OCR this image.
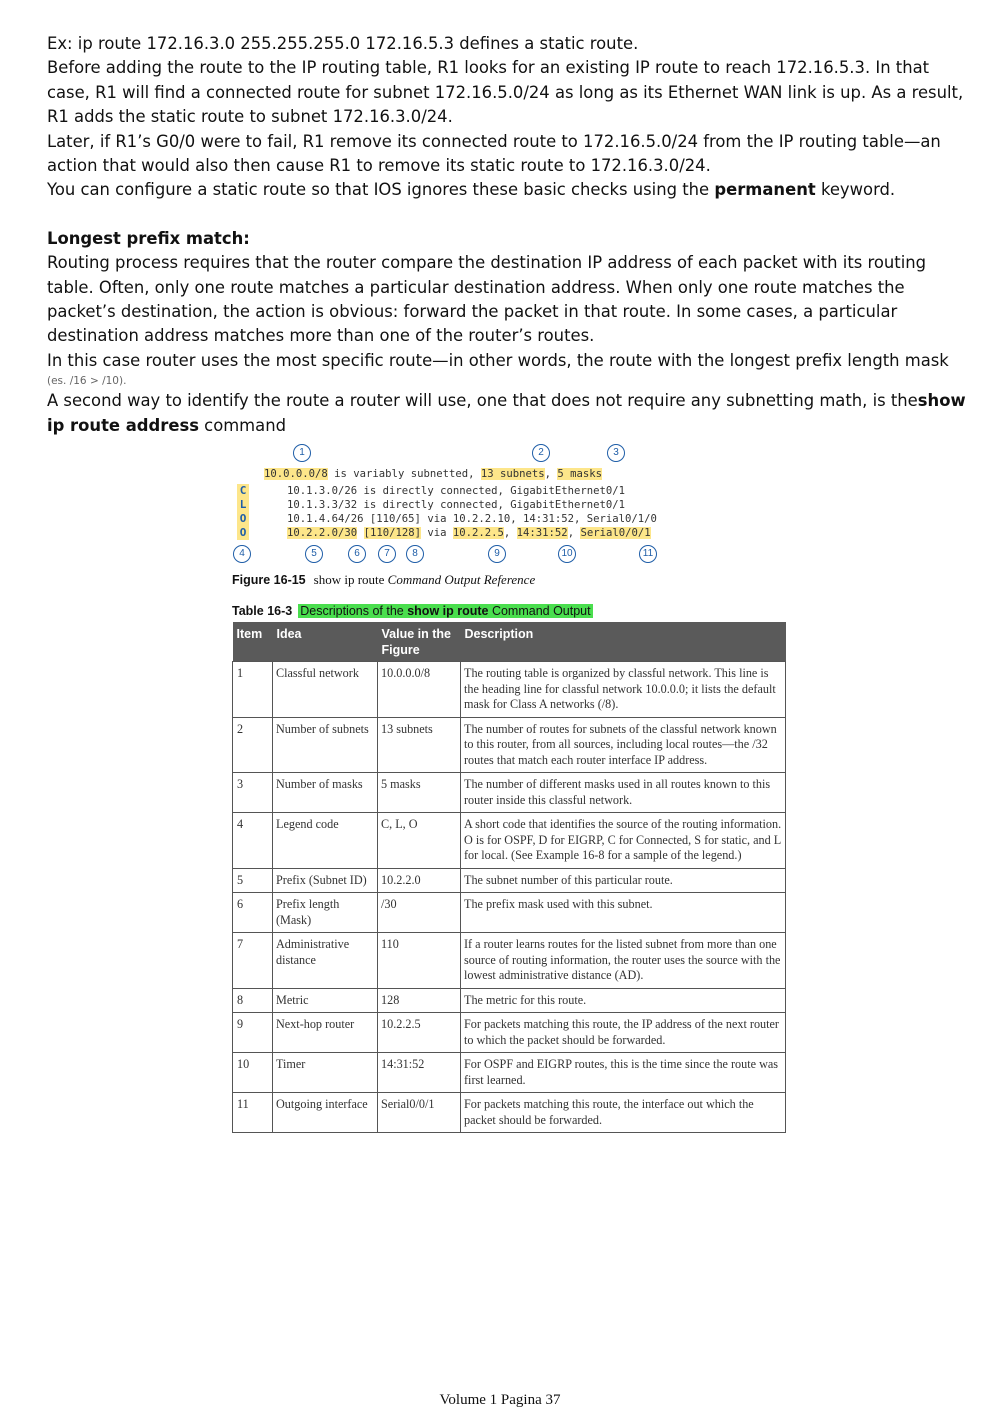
Ex: ip route 172.16.3.0 255.255.255.0 172.16.5.3 defines a static route.

Before adding the route to the IP routing table, R1 looks for an existing IP route to reach 172.16.5.3. In that case, R1 will find a connected route for subnet 172.16.5.0/24 as long as its Ethernet WAN link is up. As a result, R1 adds the static route to subnet 172.16.3.0/24.

Later, if R1’s G0/0 were to fail, R1 remove its connected route to 172.16.5.0/24 from the IP routing table—an action that would also then cause R1 to remove its static route to 172.16.3.0/24.

You can configure a static route so that IOS ignores these basic checks using the permanent keyword.

Longest prefix match:

Routing process requires that the router compare the destination IP address of each packet with its routing table. Often, only one route matches a particular destination address. When only one route matches the packet’s destination, the action is obvious: forward the packet in that route. In some cases, a particular destination address matches more than one of the router’s routes.

In this case router uses the most specific route—in other words, the route with the longest prefix length mask

(es. /16 > /10).

A second way to identify the route a router will use, one that does not require any subnetting math, is theshow ip route address command

1	2	3
10.0.0.0/8 is variably subnetted, 13 subnets, 5 masks
C
L
O
O
10.1.3.0/26 is directly connected, GigabitEthernet0/1
10.1.3.3/32 is directly connected, GigabitEthernet0/1
10.1.4.64/26 [110/65] via 10.2.2.10, 14:31:52, Serial0/1/0
10.2.2.0/30 [110/128] via 10.2.2.5, 14:31:52, Serial0/0/1
4	5	6	7	8	9	10	11
Figure 16-15 show ip route Command Output Reference
Table 16-3 Descriptions of the show ip route Command Output
Item	Idea	Value in the Figure	Description
1	Classful network	10.0.0.0/8	The routing table is organized by classful network. This line is the heading line for classful network 10.0.0.0; it lists the default mask for Class A networks (/8).
2	Number of subnets	13 subnets	The number of routes for subnets of the classful network known to this router, from all sources, including local routes—the /32 routes that match each router interface IP address.
3	Number of masks	5 masks	The number of different masks used in all routes known to this router inside this classful network.
4	Legend code	C, L, O	A short code that identifies the source of the routing information. O is for OSPF, D for EIGRP, C for Connected, S for static, and L for local. (See Example 16-8 for a sample of the legend.)
5	Prefix (Subnet ID)	10.2.2.0	The subnet number of this particular route.
6	Prefix length (Mask)	/30	The prefix mask used with this subnet.
7	Administrative distance	110	If a router learns routes for the listed subnet from more than one source of routing information, the router uses the source with the lowest administrative distance (AD).
8	Metric	128	The metric for this route.
9	Next-hop router	10.2.2.5	For packets matching this route, the IP address of the next router to which the packet should be forwarded.
10	Timer	14:31:52	For OSPF and EIGRP routes, this is the time since the route was first learned.
11	Outgoing interface	Serial0/0/1	For packets matching this route, the interface out which the packet should be forwarded.
Volume 1 Pagina 37
